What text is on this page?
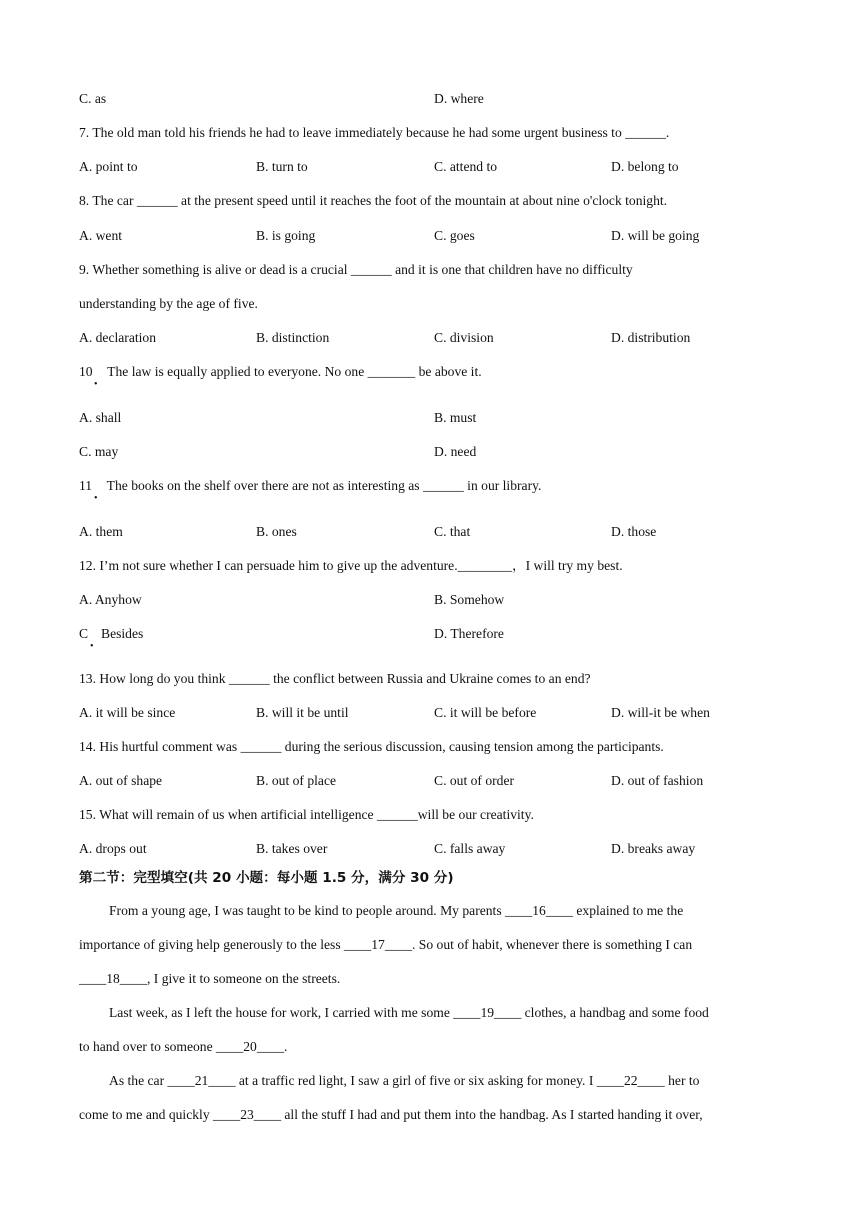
C. as	D. where
7. The old man told his friends he had to leave immediately because he had some urgent business to ______.
A. point to	B. turn to	C. attend to	D. belong to
8. The car ______ at the present speed until it reaches the foot of the mountain at about nine o'clock tonight.
A. went	B. is going	C. goes	D. will be going
9. Whether something is alive or dead is a crucial ______ and it is one that children have no difficulty
understanding by the age of five.
A. declaration	B. distinction	C. division	D. distribution
10 The law is equally applied to everyone. No one _______ be above it.
•
A. shall	B. must
C. may	D. need
11 The books on the shelf over there are not as interesting as ______ in our library.
•
A. them	B. ones	C. that	D. those
12. I’m not sure whether I can persuade him to give up the adventure.________，I will try my best.
A. Anyhow	B. Somehow
C Besides	D. Therefore
•
13. How long do you think ______ the conflict between Russia and Ukraine comes to an end?
A. it will be since	B. will it be until	C. it will be before	D. will-it be when
14. His hurtful comment was ______ during the serious discussion, causing tension among the participants.
A. out of shape	B. out of place	C. out of order	D. out of fashion
15. What will remain of us when artificial intelligence ______will be our creativity.
A. drops out	B. takes over	C. falls away	D. breaks away
第二节：完型填空(共 20 小题：每小题 1.5 分，满分 30 分)
From a young age, I was taught to be kind to people around. My parents ____16____ explained to me the
importance of giving help generously to the less ____17____. So out of habit, whenever there is something I can
____18____, I give it to someone on the streets.
Last week, as I left the house for work, I carried with me some ____19____ clothes, a handbag and some food
to hand over to someone ____20____.
As the car ____21____ at a traffic red light, I saw a girl of five or six asking for money. I ____22____ her to
come to me and quickly ____23____ all the stuff I had and put them into the handbag. As I started handing it over,
